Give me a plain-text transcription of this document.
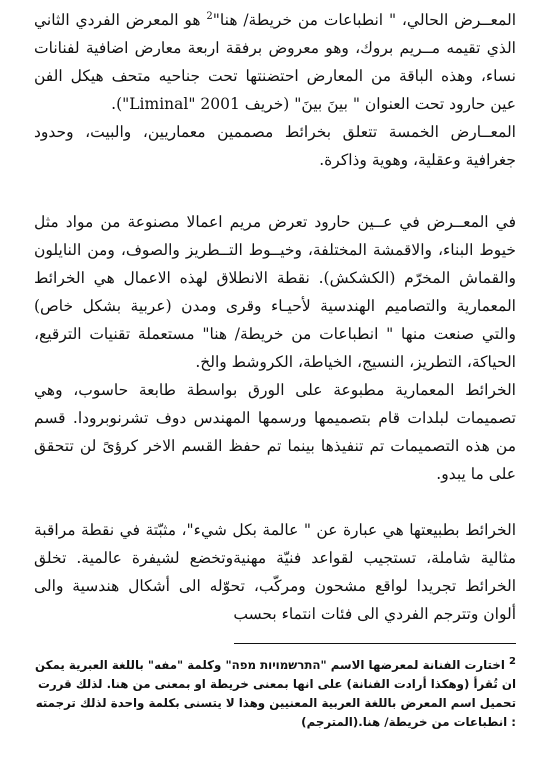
المعــرض الحالي، " انطباعات من خريطة/ هنا"$^2$ هو المعرض الفردي الثاني الذي تقيمه مــريم بروك، وهو معروض برفقة اربعة معارض اضافية لفنانات نساء، وهذه الباقة من المعارض احتضنتها تحت جناحيه متحف هيكل الفن عين حارود تحت العنوان " بينَ بينَ" (خريف 2001 "Liminal").

المعــارض الخمسة تتعلق بخرائط مصممين معماريين، والبيت، وحدود جغرافية وعقلية، وهوية وذاكرة.

في المعــرض في عــين حارود تعرض مريم اعمالا مصنوعة من مواد مثل خيوط البناء، والاقمشة المختلفة، وخيــوط التــطريز والصوف، ومن النايلون والقماش المخرّم (الكشكش). نقطة الانطلاق لهذه الاعمال هي الخرائط المعمارية والتصاميم الهندسية لأحيـاء وقرى ومدن (عربية بشكل خاص) والتي صنعت منها " انطباعات من خريطة/ هنا" مستعملة تقنيات الترقيع، الحياكة، التطريز، النسيج، الخياطة، الكروشط والخ.

الخرائط المعمارية مطبوعة على الورق بواسطة طابعة حاسوب، وهي تصميمات لبلدات قام بتصميمها ورسمها المهندس دوف تشرنوبرودا. قسم من هذه التصميمات تم تنفيذها بينما تم حفظ القسم الاخر كرؤىً لن تتحقق على ما يبدو.

الخرائط بطبيعتها هي عبارة عن " عالمة بكل شيء"، مثبّتة في نقطة مراقبة مثالية شاملة، تستجيب لقواعد فنيّة مهنيةوتخضع لشيفرة عالمية. تخلق الخرائط تجريدا لواقع مشحون ومركّب، تحوّله الى أشكال هندسية والى ألوان وتترجم الفردي الى فئات انتماء بحسب

$^2$ اختارت الفنانة لمعرضها الاسم "התרשמויות מפה" وكلمة "مفه" باللغة العبرية يمكن ان تُقرأ (وهكذا أرادت الفنانة) على انها بمعنى خريطة او بمعنى من هنا. لذلك قررت تحميل اسم المعرض باللغة العربية المعنيين وهذا لا يتسنى بكلمة واحدة لذلك ترجمته : انطباعات من خريطة/ هنا.(المترجم)
